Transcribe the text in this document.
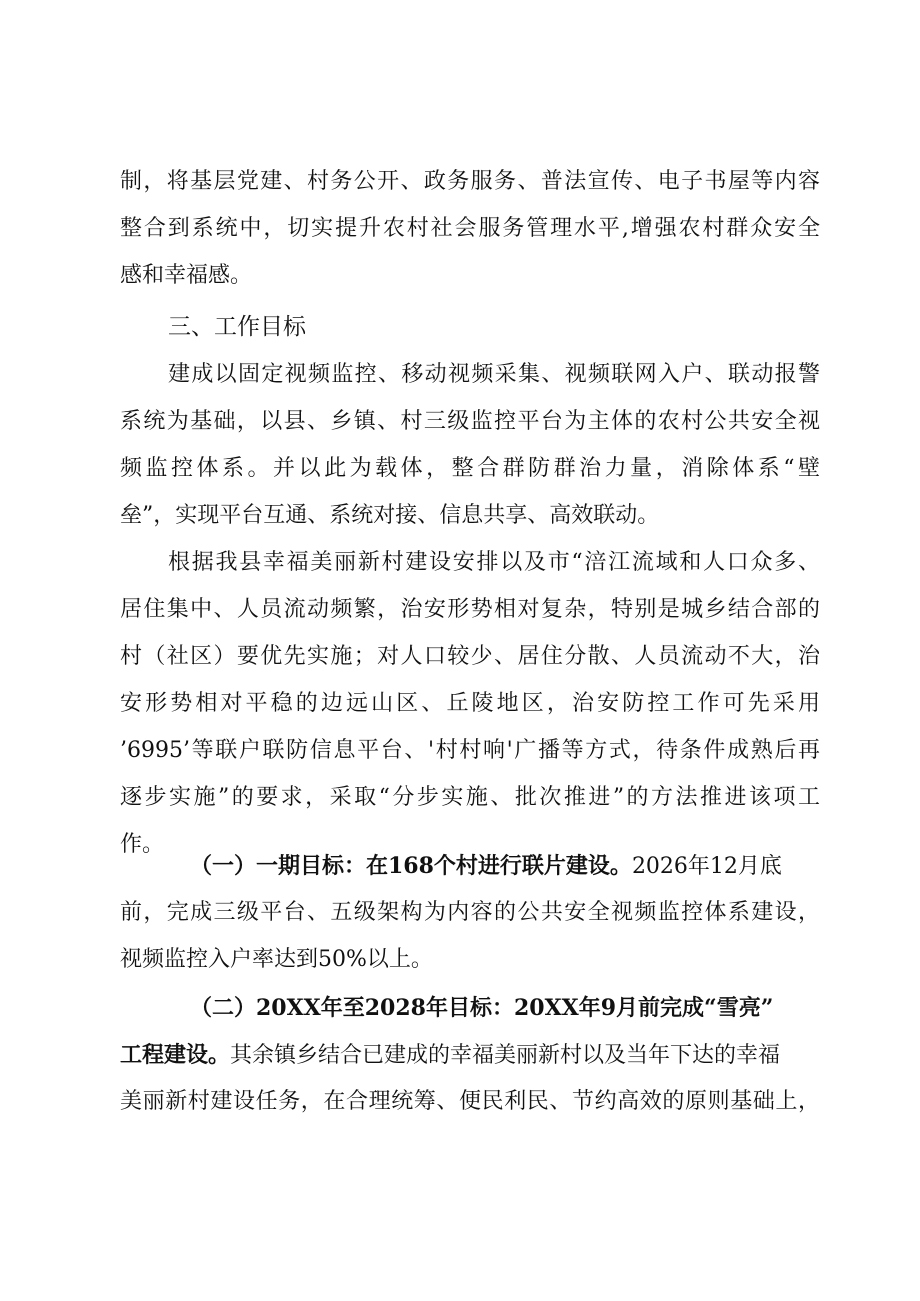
制，将基层党建、村务公开、政务服务、普法宣传、电子书屋等内容
整合到系统中，切实提升农村社会服务管理水平,增强农村群众安全
感和幸福感。
三、工作目标
建成以固定视频监控、移动视频采集、视频联网入户、联动报警
系统为基础，以县、乡镇、村三级监控平台为主体的农村公共安全视
频监控体系。并以此为载体，整合群防群治力量，消除体系“壁
垒”，实现平台互通、系统对接、信息共享、高效联动。
根据我县幸福美丽新村建设安排以及市“涪江流域和人口众多、
居住集中、人员流动频繁，治安形势相对复杂，特别是城乡结合部的
村（社区）要优先实施；对人口较少、居住分散、人员流动不大，治
安形势相对平稳的边远山区、丘陵地区，治安防控工作可先采用
’6995’等联户联防信息平台、'村村响'广播等方式，待条件成熟后再
逐步实施”的要求，采取“分步实施、批次推进”的方法推进该项工
作。
（一）一期目标：在168个村进行联片建设。2026年12月底
前，完成三级平台、五级架构为内容的公共安全视频监控体系建设，
视频监控入户率达到50%以上。
（二）20XX年至2028年目标：20XX年9月前完成“雪亮”
工程建设。其余镇乡结合已建成的幸福美丽新村以及当年下达的幸福
美丽新村建设任务，在合理统筹、便民利民、节约高效的原则基础上，
